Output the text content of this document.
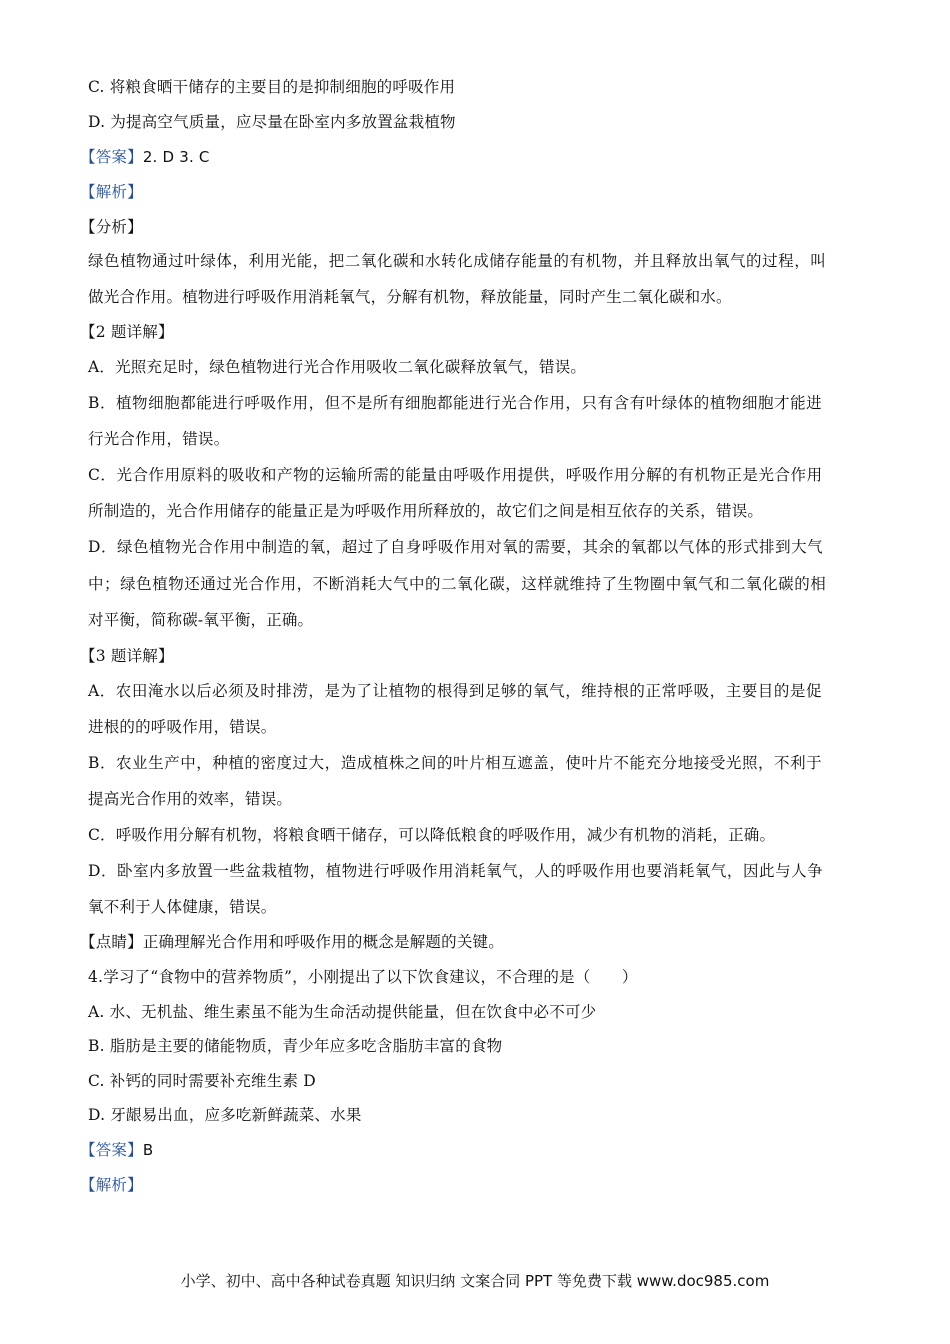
C. 将粮食晒干储存的主要目的是抑制细胞的呼吸作用
D. 为提高空气质量，应尽量在卧室内多放置盆栽植物
【答案】2. D 3. C
【解析】
【分析】
绿色植物通过叶绿体，利用光能，把二氧化碳和水转化成储存能量的有机物，并且释放出氧气的过程，叫
做光合作用。植物进行呼吸作用消耗氧气，分解有机物，释放能量，同时产生二氧化碳和水。
【2 题详解】
A．光照充足时，绿色植物进行光合作用吸收二氧化碳释放氧气，错误。
B．植物细胞都能进行呼吸作用，但不是所有细胞都能进行光合作用，只有含有叶绿体的植物细胞才能进
行光合作用，错误。
C．光合作用原料的吸收和产物的运输所需的能量由呼吸作用提供，呼吸作用分解的有机物正是光合作用
所制造的，光合作用储存的能量正是为呼吸作用所释放的，故它们之间是相互依存的关系，错误。
D．绿色植物光合作用中制造的氧，超过了自身呼吸作用对氧的需要，其余的氧都以气体的形式排到大气
中；绿色植物还通过光合作用，不断消耗大气中的二氧化碳，这样就维持了生物圈中氧气和二氧化碳的相
对平衡，简称碳-氧平衡，正确。
【3 题详解】
A．农田淹水以后必须及时排涝，是为了让植物的根得到足够的氧气，维持根的正常呼吸，主要目的是促
进根的的呼吸作用，错误。
B．农业生产中，种植的密度过大，造成植株之间的叶片相互遮盖，使叶片不能充分地接受光照，不利于
提高光合作用的效率，错误。
C．呼吸作用分解有机物，将粮食晒干储存，可以降低粮食的呼吸作用，减少有机物的消耗，正确。
D．卧室内多放置一些盆栽植物，植物进行呼吸作用消耗氧气，人的呼吸作用也要消耗氧气，因此与人争
氧不利于人体健康，错误。
【点睛】正确理解光合作用和呼吸作用的概念是解题的关键。
4.学习了“食物中的营养物质”，小刚提出了以下饮食建议，不合理的是（　　）
A. 水、无机盐、维生素虽不能为生命活动提供能量，但在饮食中必不可少
B. 脂肪是主要的储能物质，青少年应多吃含脂肪丰富的食物
C. 补钙的同时需要补充维生素 D
D. 牙龈易出血，应多吃新鲜蔬菜、水果
【答案】B
【解析】
小学、初中、高中各种试卷真题 知识归纳 文案合同 PPT 等免费下载 www.doc985.com
